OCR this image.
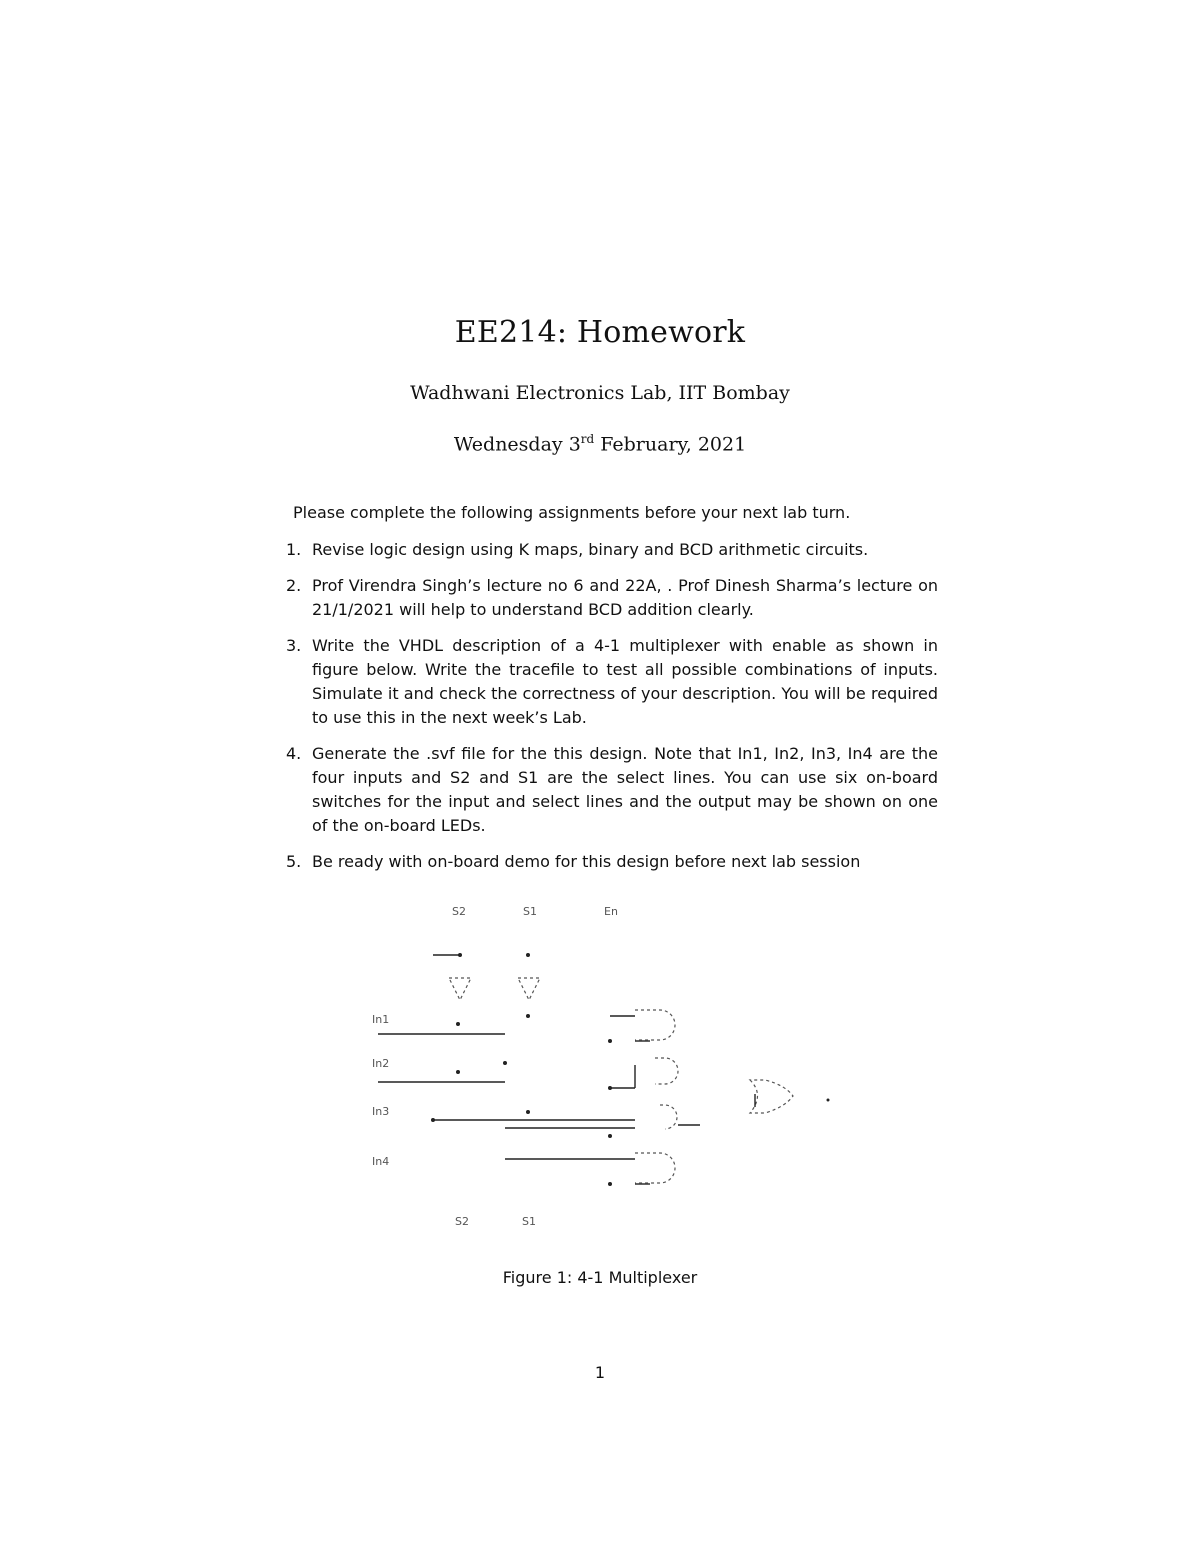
EE214: Homework
Wadhwani Electronics Lab, IIT Bombay
Wednesday 3rd February, 2021
Please complete the following assignments before your next lab turn.
1. Revise logic design using K maps, binary and BCD arithmetic circuits.
2. Prof Virendra Singh’s lecture no 6 and 22A, . Prof Dinesh Sharma’s lecture on 21/1/2021 will help to understand BCD addition clearly.
3. Write the VHDL description of a 4-1 multiplexer with enable as shown in figure below. Write the tracefile to test all possible combinations of inputs. Simulate it and check the correctness of your description. You will be required to use this in the next week’s Lab.
4. Generate the .svf file for the this design. Note that In1, In2, In3, In4 are the four inputs and S2 and S1 are the select lines. You can use six on-board switches for the input and select lines and the output may be shown on one of the on-board LEDs.
5. Be ready with on-board demo for this design before next lab session
S2	S1	En
In1
In2
In3
In4
S2	S1
Figure 1: 4-1 Multiplexer
1
